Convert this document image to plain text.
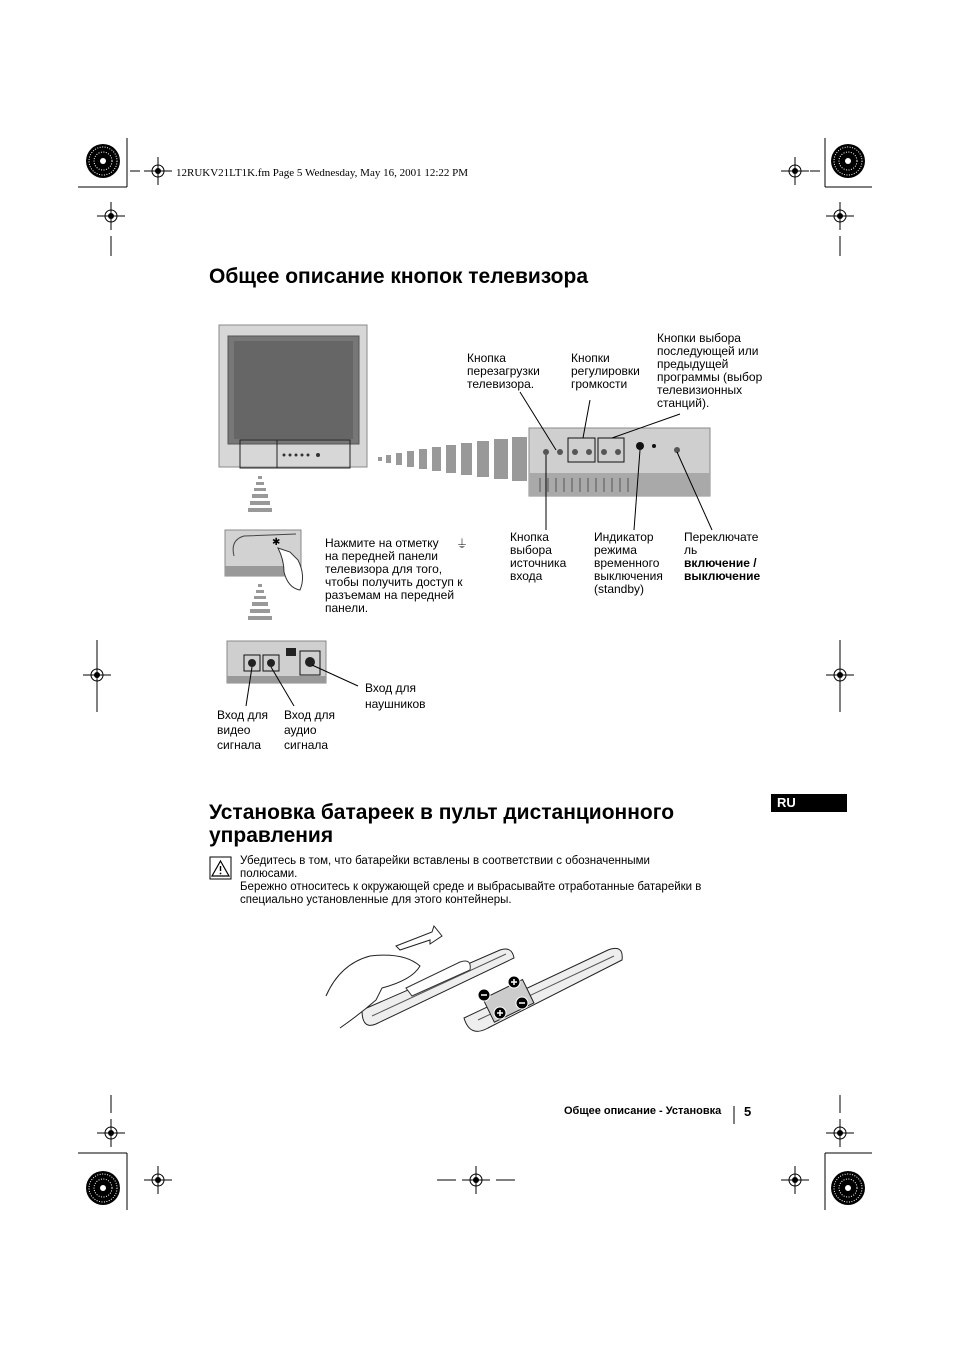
12RUKV21LT1K.fm Page 5 Wednesday, May 16, 2001 12:22 PM
Общее описание кнопок телевизора
✱
Кнопка
перезагрузки
телевизора.
Кнопки
регулировки
громкости
Кнопки выбора
последующей или
предыдущей
программы (выбор
телевизионных
станций).
Нажмите на отметку
на передней панели
телевизора для того,
чтобы получить доступ к
разъемам на передней
панели.
⏚	Кнопка
выбора
источника
входа
Индикатор
режима
временного
выключения
(standby)
Переключате
ль
включение /
выключение
Вход для
наушников
Вход для
видео
сигнала
Вход для
аудио
сигнала
RU
Установка батареек в пульт дистанционного
управления
Убедитесь в том, что батарейки вставлены в соответствии с обозначенными
полюсами.
Бережно относитесь к окружающей среде и выбрасывайте отработанные батарейки в
специально установленные для этого контейнеры.
Общее описание - Установка 5
